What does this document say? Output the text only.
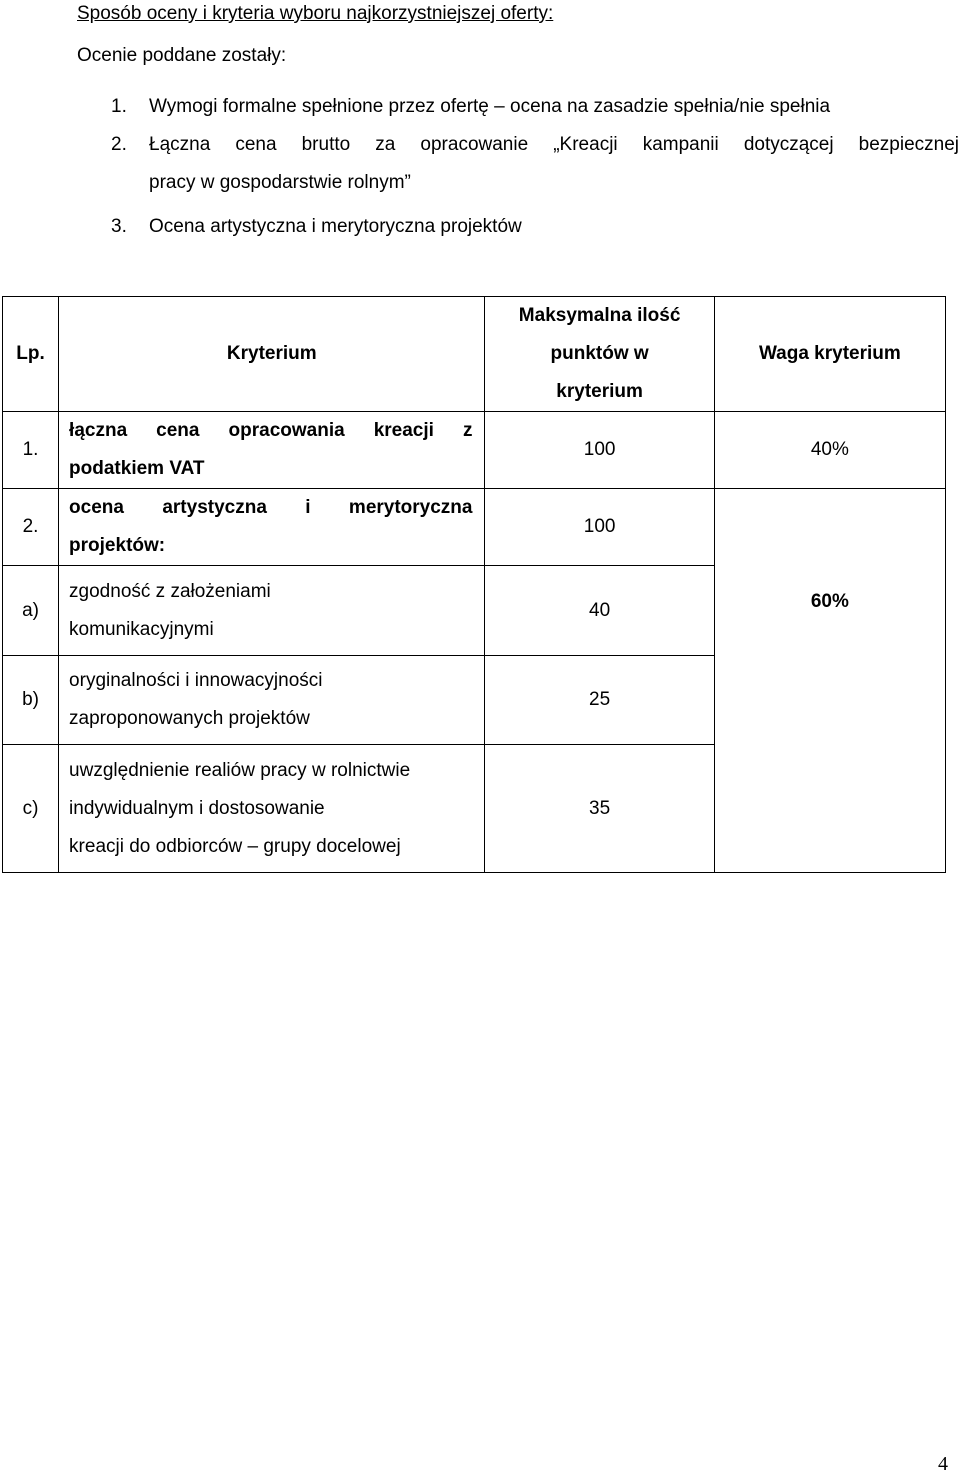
Sposób oceny i kryteria wyboru najkorzystniejszej oferty:
Ocenie poddane zostały:
1.	Wymogi formalne spełnione przez ofertę – ocena na zasadzie spełnia/nie spełnia
2.	Łączna cena brutto za opracowanie „Kreacji kampanii dotyczącej bezpiecznej
pracy w gospodarstwie rolnym”
3.	Ocena artystyczna i merytoryczna projektów
Lp.	Kryterium	Maksymalna ilość
punktów w
kryterium	Waga kryterium
1.	łączna cena opracowania kreacji z
podatkiem VAT	100	40%
2.	ocena artystyczna i merytoryczna
projektów:	100	60%

a)	zgodność z założeniami
komunikacyjnymi	40	
b)	oryginalności i innowacyjności
zaproponowanych projektów	25	
c)	uwzględnienie realiów pracy w rolnictwie
indywidualnym i dostosowanie
kreacji do odbiorców – grupy docelowej	35	
4
